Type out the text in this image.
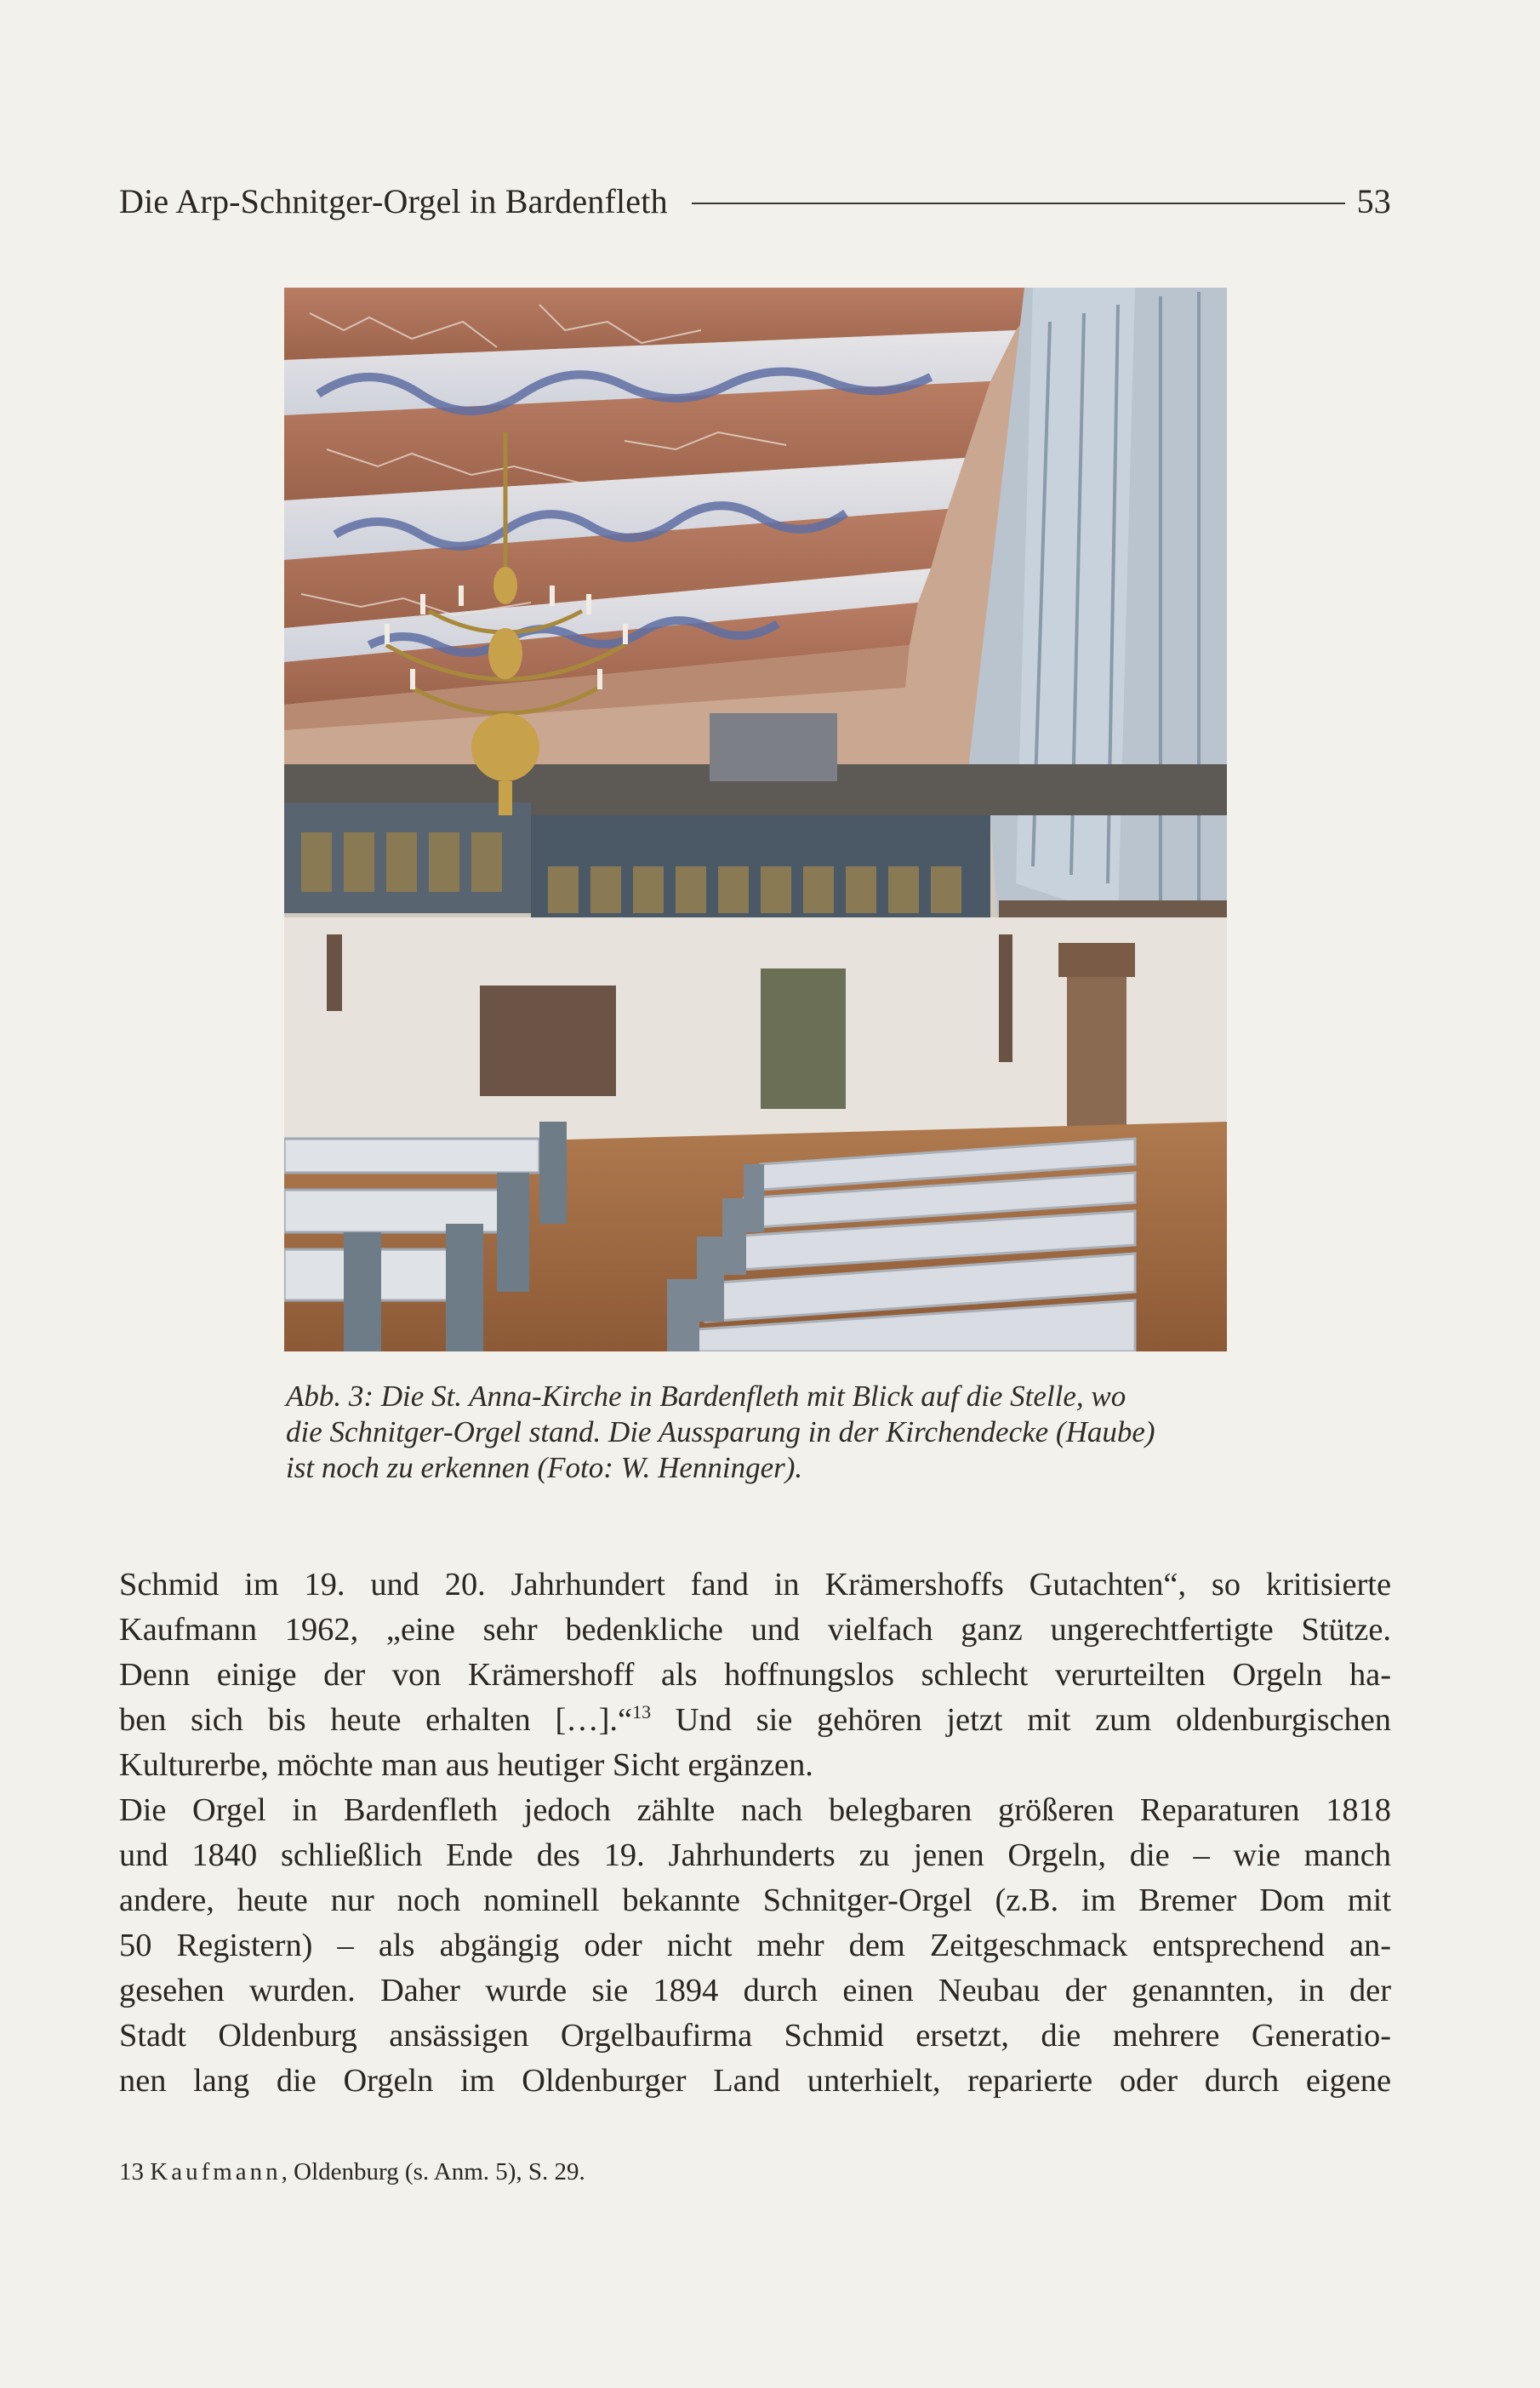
Die Arp-Schnitger-Orgel in Bardenfleth	53
Abb. 3: Die St. Anna-Kirche in Bardenfleth mit Blick auf die Stelle, wo
die Schnitger-Orgel stand. Die Aussparung in der Kirchendecke (Haube)
ist noch zu erkennen (Foto: W. Henninger).

Schmid im 19. und 20. Jahrhundert fand in Krämershoffs Gutachten“, so kritisierte
Kaufmann 1962, „eine sehr bedenkliche und vielfach ganz ungerechtfertigte Stütze.
Denn einige der von Krämershoff als hoffnungslos schlecht verurteilten Orgeln ha-
ben sich bis heute erhalten […].“$^{13}$ Und sie gehören jetzt mit zum oldenburgischen
Kulturerbe, möchte man aus heutiger Sicht ergänzen.

Die Orgel in Bardenfleth jedoch zählte nach belegbaren größeren Reparaturen 1818
und 1840 schließlich Ende des 19. Jahrhunderts zu jenen Orgeln, die – wie manch
andere, heute nur noch nominell bekannte Schnitger-Orgel (z.B. im Bremer Dom mit
50 Registern) – als abgängig oder nicht mehr dem Zeitgeschmack entsprechend an-
gesehen wurden. Daher wurde sie 1894 durch einen Neubau der genannten, in der
Stadt Oldenburg ansässigen Orgelbaufirma Schmid ersetzt, die mehrere Generatio-
nen lang die Orgeln im Oldenburger Land unterhielt, reparierte oder durch eigene

13 Kaufmann, Oldenburg (s. Anm. 5), S. 29.
